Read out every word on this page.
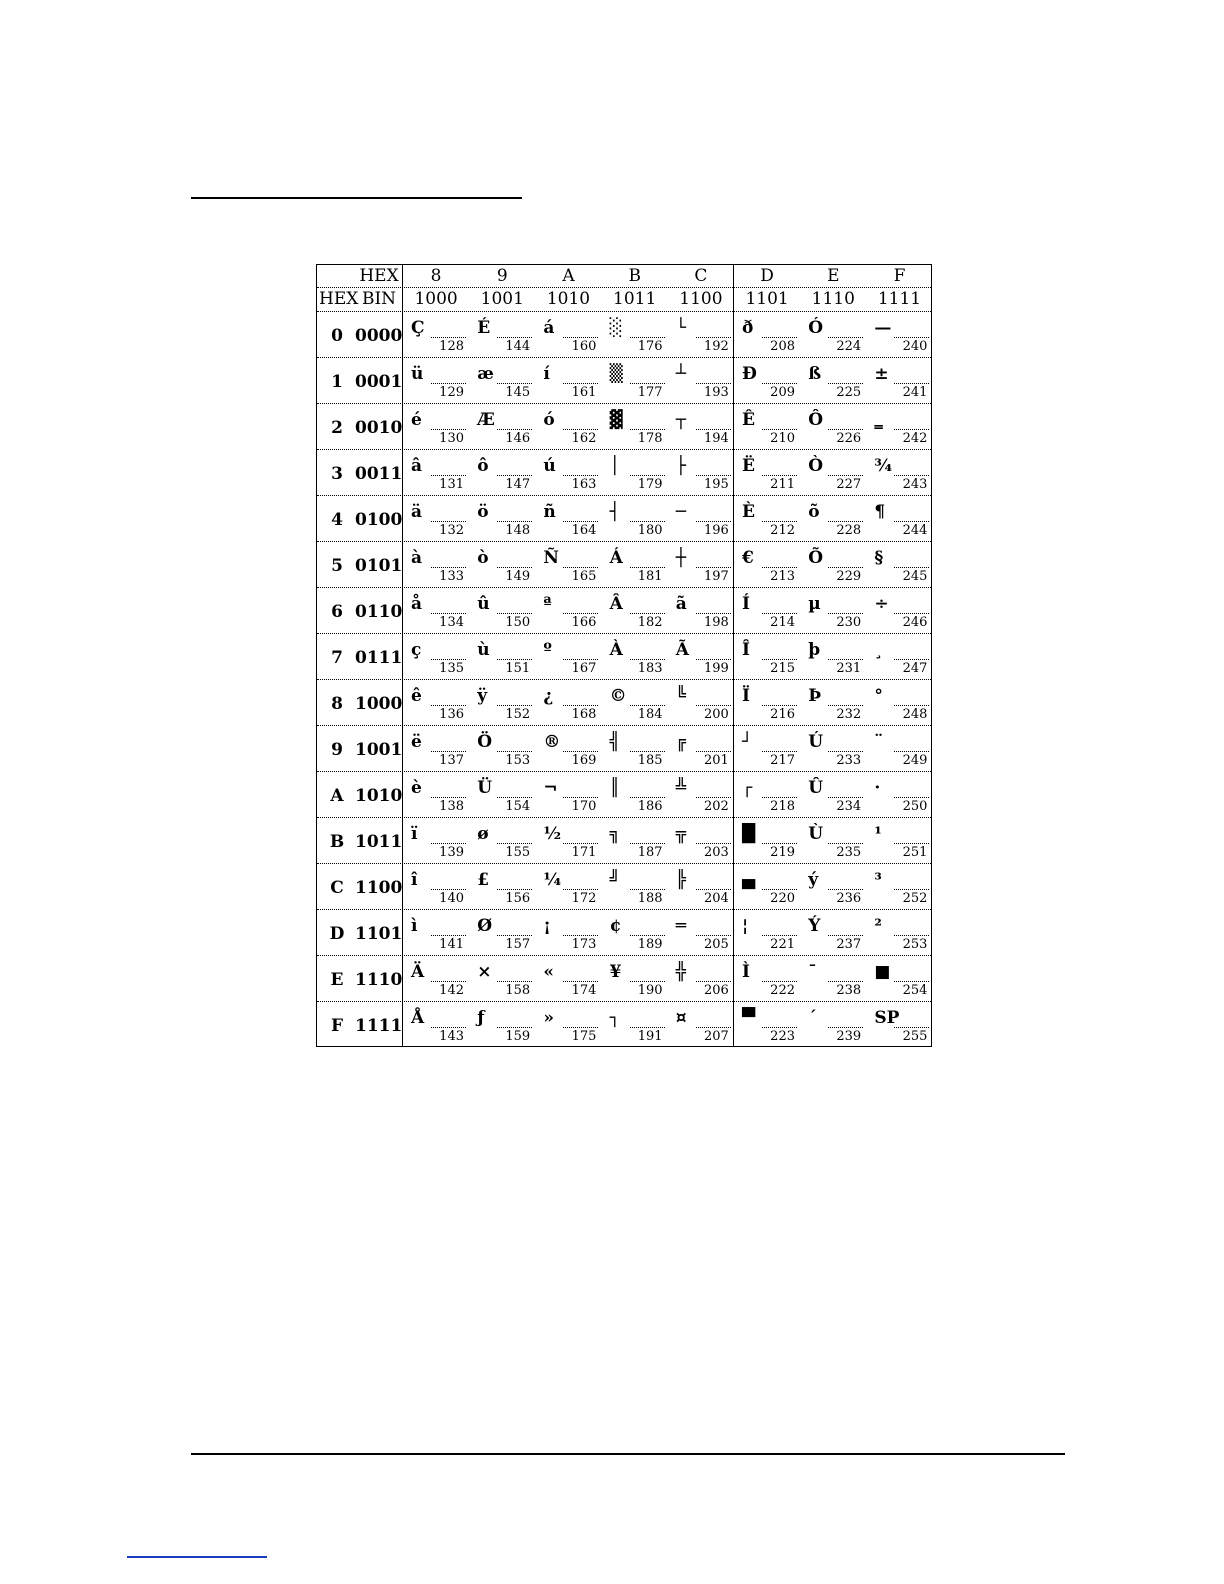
HEX
HEX BIN
8
1000
9
1001
A
1010
B
1011
C
1100
D
1101
E
1110
F
1111
0 0000 Ç
128
É
144
á
160
░
176
└
192
ð
208
Ó
224
—
240
1 0001 ü
129
æ
145
í
161
▒
177
┴
193
Ð
209
ß
225
±
241
2 0010 é
130
Æ
146
ó
162
▓
178
┬
194
Ê
210
Ô
226
‗
242
3 0011 â
131
ô
147
ú
163
│
179
├
195
Ë
211
Ò
227
¾
243
4 0100 ä
132
ö
148
ñ
164
┤
180
─
196
È
212
õ
228
¶
244
5 0101 à
133
ò
149
Ñ
165
Á
181
┼
197
€
213
Õ
229
§
245
6 0110 å
134
û
150
ª
166
Â
182
ã
198
Í
214
µ
230
÷
246
7 0111 ç
135
ù
151
º
167
À
183
Ã
199
Î
215
þ
231
¸
247
8 1000 ê
136
ÿ
152
¿
168
©
184
╚
200
Ï
216
Þ
232
°
248
9 1001 ë
137
Ö
153
®
169
╣
185
╔
201
┘
217
Ú
233
¨
249
A 1010 è
138
Ü
154
¬
170
║
186
╩
202
┌
218
Û
234
·
250
B 1011 ï
139
ø
155
½
171
╗
187
╦
203
█
219
Ù
235
¹
251
C 1100 î
140
£
156
¼
172
╝
188
╠
204
▄
220
ý
236
³
252
D 1101 ì
141
Ø
157
¡
173
¢
189
═
205
¦
221
Ý
237
²
253
E 1110 Ä
142
×
158
«
174
¥
190
╬
206
Ì
222
¯
238
■
254
F 1111 Å
143
ƒ
159
»
175
┐
191
¤
207
▀
223
´
239
SP
255
